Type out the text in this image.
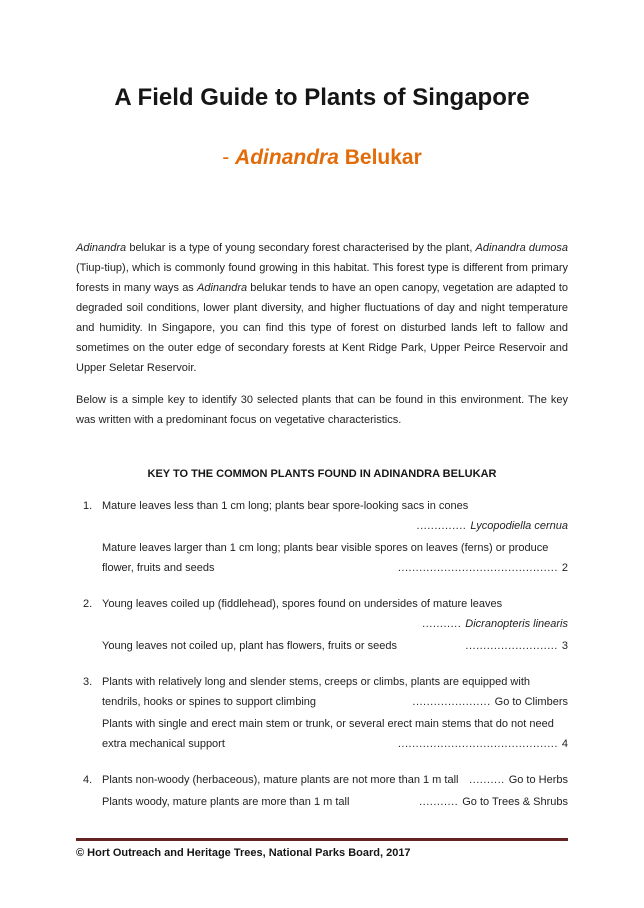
A Field Guide to Plants of Singapore
- Adinandra Belukar

Adinandra belukar is a type of young secondary forest characterised by the plant, Adinandra dumosa (Tiup-tiup), which is commonly found growing in this habitat. This forest type is different from primary forests in many ways as Adinandra belukar tends to have an open canopy, vegetation are adapted to degraded soil conditions, lower plant diversity, and higher fluctuations of day and night temperature and humidity. In Singapore, you can find this type of forest on disturbed lands left to fallow and sometimes on the outer edge of secondary forests at Kent Ridge Park, Upper Peirce Reservoir and Upper Seletar Reservoir.

Below is a simple key to identify 30 selected plants that can be found in this environment. The key was written with a predominant focus on vegetative characteristics.

KEY TO THE COMMON PLANTS FOUND IN ADINANDRA BELUKAR
1. Mature leaves less than 1 cm long; plants bear spore-looking sacs in cones
.............. Lycopodiella cernua
Mature leaves larger than 1 cm long; plants bear visible spores on leaves (ferns) or produce flower, fruits and seeds	............................................. 2
2. Young leaves coiled up (fiddlehead), spores found on undersides of mature leaves
........... Dicranopteris linearis
Young leaves not coiled up, plant has flowers, fruits or seeds	.......................... 3
3. Plants with relatively long and slender stems, creeps or climbs, plants are equipped with tendrils, hooks or spines to support climbing	...................... Go to Climbers
Plants with single and erect main stem or trunk, or several erect main stems that do not need extra mechanical support	............................................. 4
4. Plants non-woody (herbaceous), mature plants are not more than 1 m tall .......... Go to Herbs
Plants woody, mature plants are more than 1 m tall	........... Go to Trees & Shrubs
© Hort Outreach and Heritage Trees, National Parks Board, 2017
